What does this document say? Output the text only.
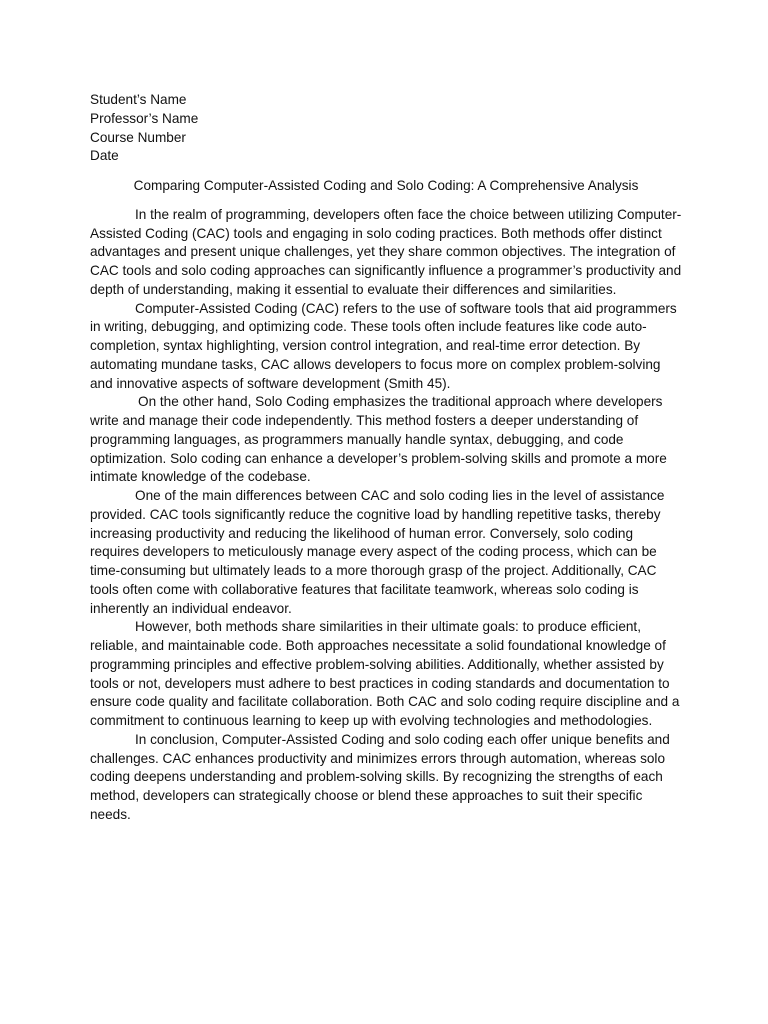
Student’s Name
Professor’s Name
Course Number
Date

Comparing Computer-Assisted Coding and Solo Coding: A Comprehensive Analysis

In the realm of programming, developers often face the choice between utilizing Computer-Assisted Coding (CAC) tools and engaging in solo coding practices. Both methods offer distinct advantages and present unique challenges, yet they share common objectives. The integration of CAC tools and solo coding approaches can significantly influence a programmer’s productivity and depth of understanding, making it essential to evaluate their differences and similarities.

Computer-Assisted Coding (CAC) refers to the use of software tools that aid programmers in writing, debugging, and optimizing code. These tools often include features like code auto-completion, syntax highlighting, version control integration, and real-time error detection. By automating mundane tasks, CAC allows developers to focus more on complex problem-solving and innovative aspects of software development (Smith 45).

On the other hand, Solo Coding emphasizes the traditional approach where developers write and manage their code independently. This method fosters a deeper understanding of programming languages, as programmers manually handle syntax, debugging, and code optimization. Solo coding can enhance a developer’s problem-solving skills and promote a more intimate knowledge of the codebase.

One of the main differences between CAC and solo coding lies in the level of assistance provided. CAC tools significantly reduce the cognitive load by handling repetitive tasks, thereby increasing productivity and reducing the likelihood of human error. Conversely, solo coding requires developers to meticulously manage every aspect of the coding process, which can be time-consuming but ultimately leads to a more thorough grasp of the project. Additionally, CAC tools often come with collaborative features that facilitate teamwork, whereas solo coding is inherently an individual endeavor.

However, both methods share similarities in their ultimate goals: to produce efficient, reliable, and maintainable code. Both approaches necessitate a solid foundational knowledge of programming principles and effective problem-solving abilities. Additionally, whether assisted by tools or not, developers must adhere to best practices in coding standards and documentation to ensure code quality and facilitate collaboration. Both CAC and solo coding require discipline and a commitment to continuous learning to keep up with evolving technologies and methodologies.

In conclusion, Computer-Assisted Coding and solo coding each offer unique benefits and challenges. CAC enhances productivity and minimizes errors through automation, whereas solo coding deepens understanding and problem-solving skills. By recognizing the strengths of each method, developers can strategically choose or blend these approaches to suit their specific needs.
